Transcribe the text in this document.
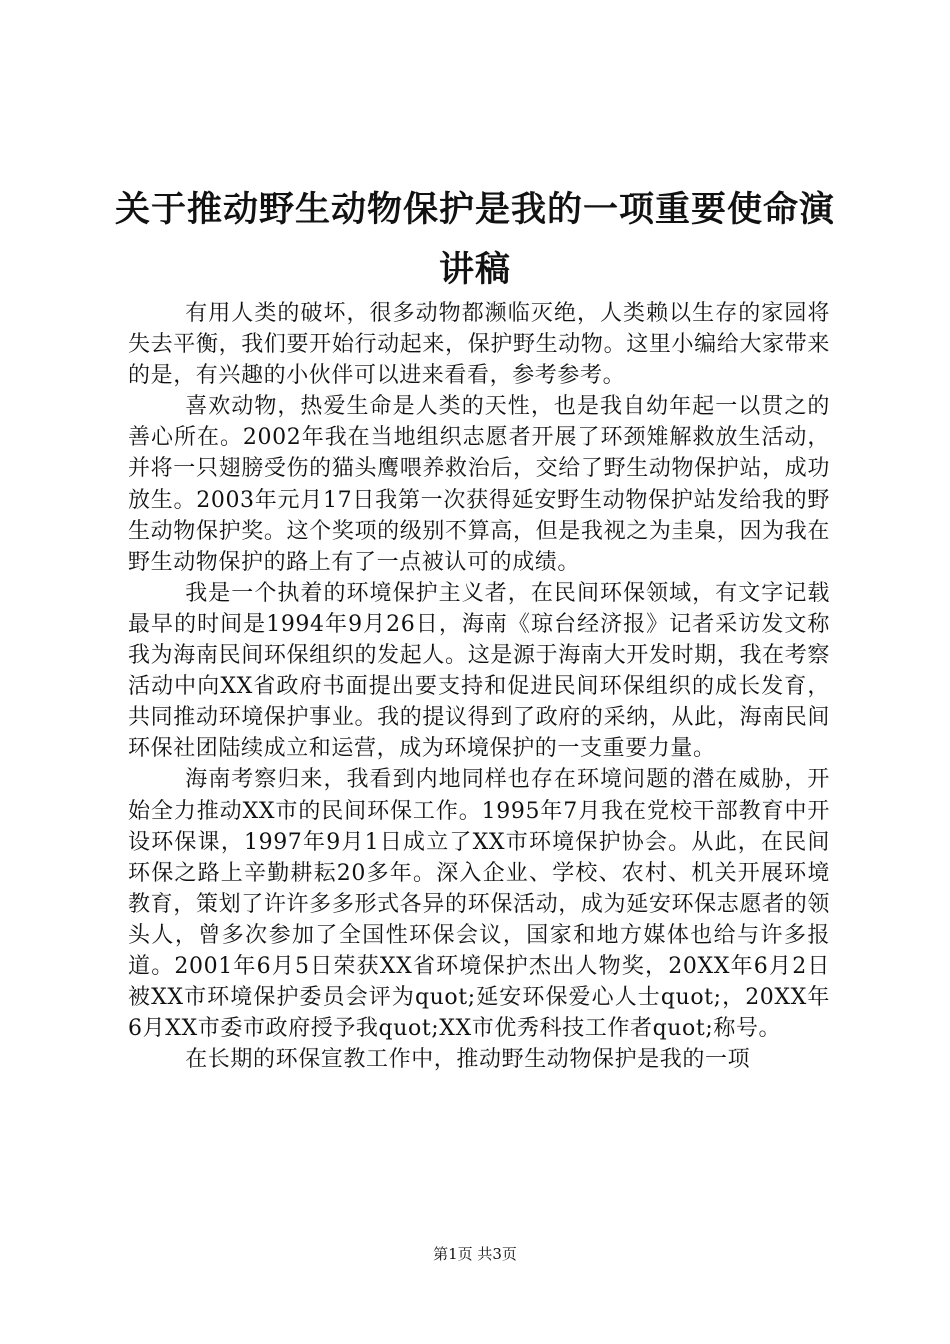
关于推动野生动物保护是我的一项重要使命演
讲稿

有用人类的破坏，很多动物都濒临灭绝，人类赖以生存的家园将失去平衡，我们要开始行动起来，保护野生动物。这里小编给大家带来的是，有兴趣的小伙伴可以进来看看，参考参考。

喜欢动物，热爱生命是人类的天性，也是我自幼年起一以贯之的善心所在。2002年我在当地组织志愿者开展了环颈雉解救放生活动，并将一只翅膀受伤的猫头鹰喂养救治后，交给了野生动物保护站，成功放生。2003年元月17日我第一次获得延安野生动物保护站发给我的野生动物保护奖。这个奖项的级别不算高，但是我视之为圭臬，因为我在野生动物保护的路上有了一点被认可的成绩。

我是一个执着的环境保护主义者，在民间环保领域，有文字记载最早的时间是1994年9月26日，海南《琼台经济报》记者采访发文称我为海南民间环保组织的发起人。这是源于海南大开发时期，我在考察活动中向XX省政府书面提出要支持和促进民间环保组织的成长发育，共同推动环境保护事业。我的提议得到了政府的采纳，从此，海南民间环保社团陆续成立和运营，成为环境保护的一支重要力量。

海南考察归来，我看到内地同样也存在环境问题的潜在威胁，开始全力推动XX市的民间环保工作。1995年7月我在党校干部教育中开设环保课，1997年9月1日成立了XX市环境保护协会。从此，在民间环保之路上辛勤耕耘20多年。深入企业、学校、农村、机关开展环境教育，策划了许许多多形式各异的环保活动，成为延安环保志愿者的领头人，曾多次参加了全国性环保会议，国家和地方媒体也给与许多报道。2001年6月5日荣获XX省环境保护杰出人物奖，20XX年6月2日被XX市环境保护委员会评为quot;延安环保爱心人士quot;，20XX年6月XX市委市政府授予我quot;XX市优秀科技工作者quot;称号。

在长期的环保宣教工作中，推动野生动物保护是我的一项

第1页 共3页
